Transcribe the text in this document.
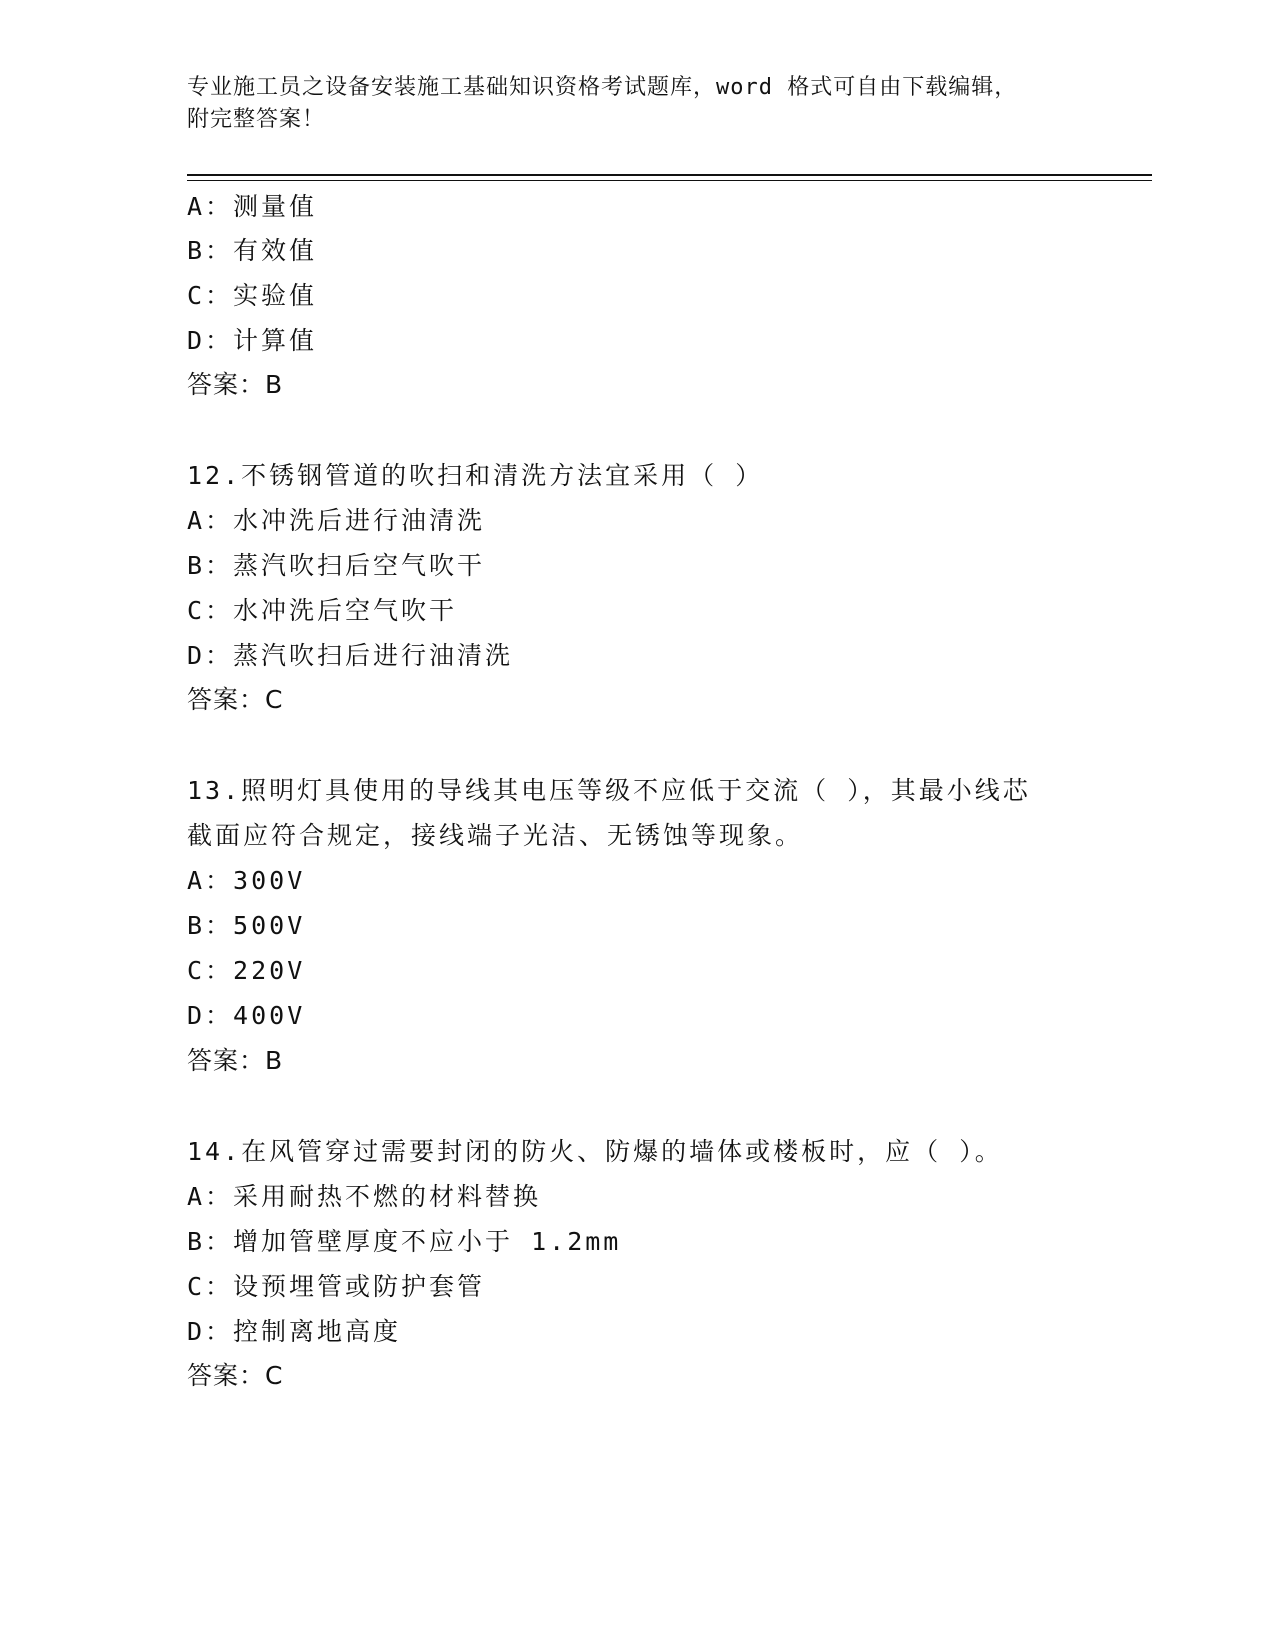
专业施工员之设备安装施工基础知识资格考试题库，word 格式可自由下载编辑，
附完整答案！
A：测量值
B：有效值
C：实验值
D：计算值
答案：B
12.不锈钢管道的吹扫和清洗方法宜采用（ ）
A：水冲洗后进行油清洗
B：蒸汽吹扫后空气吹干
C：水冲洗后空气吹干
D：蒸汽吹扫后进行油清洗
答案：C
13.照明灯具使用的导线其电压等级不应低于交流（ ），其最小线芯
截面应符合规定，接线端子光洁、无锈蚀等现象。
A：300V
B：500V
C：220V
D：400V
答案：B
14.在风管穿过需要封闭的防火、防爆的墙体或楼板时，应（ ）。
A：采用耐热不燃的材料替换
B：增加管壁厚度不应小于 1.2mm
C：设预埋管或防护套管
D：控制离地高度
答案：C
